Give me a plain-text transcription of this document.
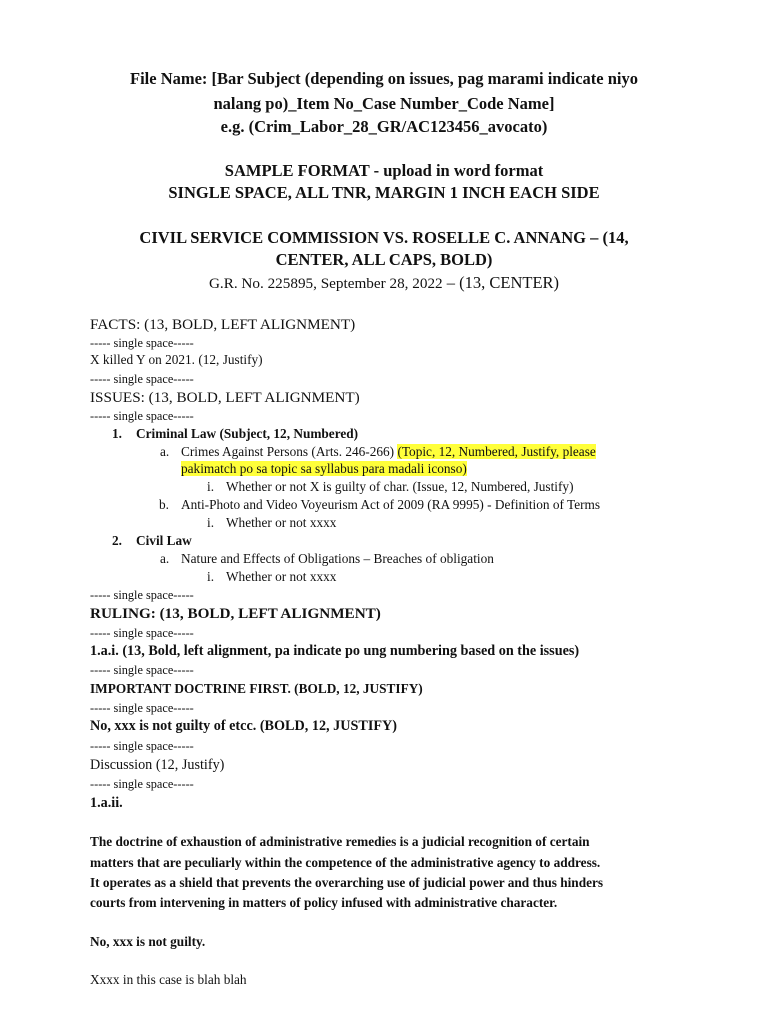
File Name: [Bar Subject (depending on issues, pag marami indicate niyo
nalang po)_Item No_Case Number_Code Name]
e.g. (Crim_Labor_28_GR/AC123456_avocato)
SAMPLE FORMAT - upload in word format
SINGLE SPACE, ALL TNR, MARGIN 1 INCH EACH SIDE
CIVIL SERVICE COMMISSION VS. ROSELLE C. ANNANG – (14,
CENTER, ALL CAPS, BOLD)
G.R. No. 225895, September 28, 2022 – (13, CENTER)
FACTS: (13, BOLD, LEFT ALIGNMENT)
----- single space-----
X killed Y on 2021. (12, Justify)
----- single space-----
ISSUES: (13, BOLD, LEFT ALIGNMENT)
----- single space-----
1. Criminal Law (Subject, 12, Numbered)
a. Crimes Against Persons (Arts. 246-266) (Topic, 12, Numbered, Justify, please
pakimatch po sa topic sa syllabus para madali iconso)
i. Whether or not X is guilty of char. (Issue, 12, Numbered, Justify)
b. Anti-Photo and Video Voyeurism Act of 2009 (RA 9995) - Definition of Terms
i. Whether or not xxxx
2. Civil Law
a. Nature and Effects of Obligations – Breaches of obligation
i. Whether or not xxxx
----- single space-----
RULING: (13, BOLD, LEFT ALIGNMENT)
----- single space-----
1.a.i. (13, Bold, left alignment, pa indicate po ung numbering based on the issues)
----- single space-----
IMPORTANT DOCTRINE FIRST. (BOLD, 12, JUSTIFY)
----- single space-----
No, xxx is not guilty of etcc. (BOLD, 12, JUSTIFY)
----- single space-----
Discussion (12, Justify)
----- single space-----
1.a.ii.
The doctrine of exhaustion of administrative remedies is a judicial recognition of certain
matters that are peculiarly within the competence of the administrative agency to address.
It operates as a shield that prevents the overarching use of judicial power and thus hinders
courts from intervening in matters of policy infused with administrative character.
No, xxx is not guilty.
Xxxx in this case is blah blah
